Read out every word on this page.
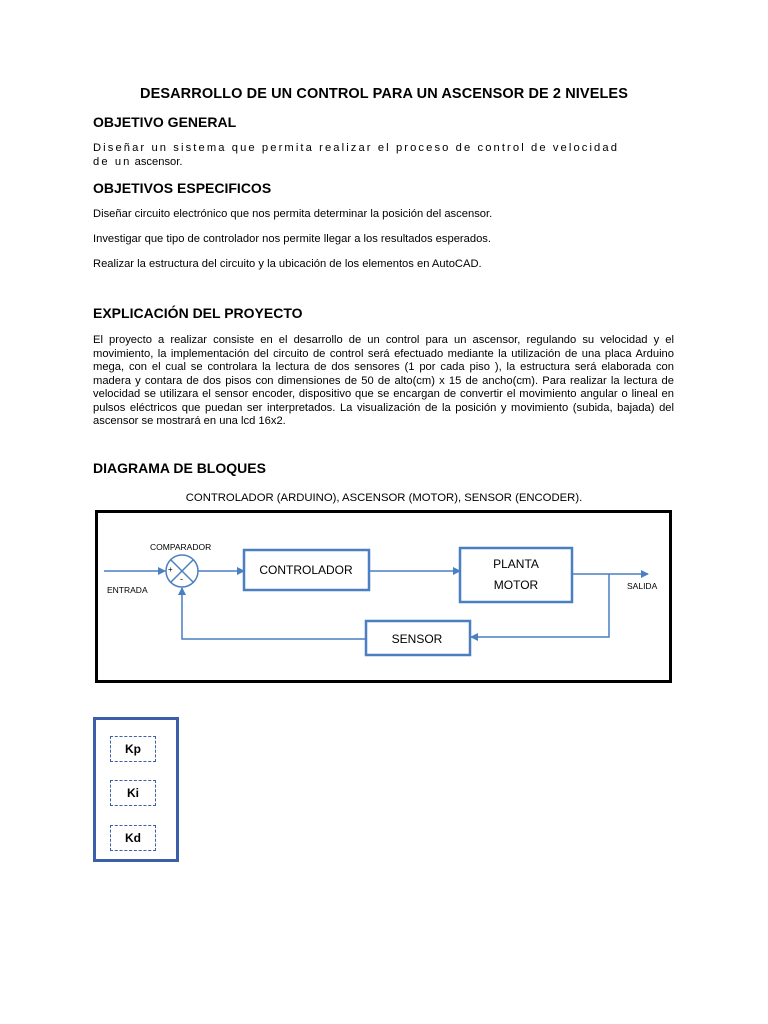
DESARROLLO DE UN CONTROL PARA UN ASCENSOR DE 2 NIVELES
OBJETIVO GENERAL
Diseñar un sistema que permita realizar el proceso de control de velocidad
de un ascensor.
OBJETIVOS ESPECIFICOS
Diseñar circuito electrónico que nos permita determinar la posición del ascensor.
Investigar que tipo de controlador nos permite llegar a los resultados esperados.
Realizar la estructura del circuito y la ubicación de los elementos en AutoCAD.
EXPLICACIÓN DEL PROYECTO
El proyecto a realizar consiste en el desarrollo de un control para un ascensor, regulando su velocidad y el movimiento, la implementación del circuito de control será efectuado mediante la utilización de una placa Arduino mega, con el cual se controlara la lectura de dos sensores (1 por cada piso ), la estructura será elaborada con madera y contara de dos pisos con dimensiones de 50 de alto(cm) x 15 de ancho(cm). Para realizar la lectura de velocidad se utilizara el sensor encoder, dispositivo que se encargan de convertir el movimiento angular o lineal en pulsos eléctricos que puedan ser interpretados. La visualización de la posición y movimiento (subida, bajada) del ascensor se mostrará en una lcd 16x2.
DIAGRAMA DE BLOQUES
CONTROLADOR (ARDUINO), ASCENSOR (MOTOR), SENSOR (ENCODER).
+
-
CONTROLADOR	PLANTA
MOTOR
SENSOR
COMPARADOR
ENTRADA	SALIDA
Kp
Ki
Kd
